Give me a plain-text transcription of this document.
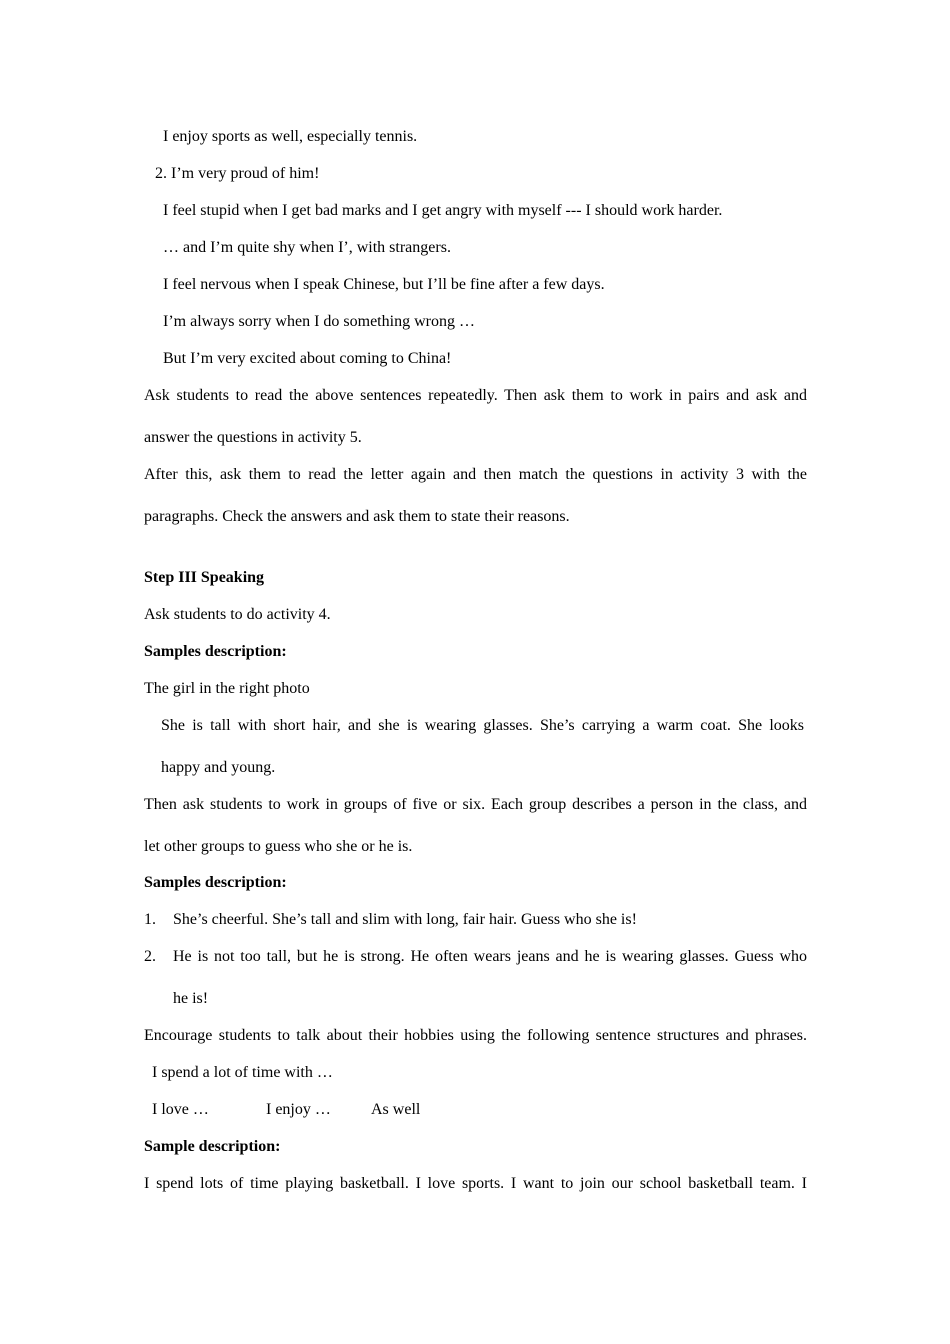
I enjoy sports as well, especially tennis.
2. I’m very proud of him!
I feel stupid when I get bad marks and I get angry with myself --- I should work harder.
… and I’m quite shy when I’, with strangers.
I feel nervous when I speak Chinese, but I’ll be fine after a few days.
I’m always sorry when I do something wrong …
But I’m very excited about coming to China!
Ask students to read the above sentences repeatedly. Then ask them to work in pairs and ask and
answer the questions in activity 5.
After this, ask them to read the letter again and then match the questions in activity 3 with the
paragraphs. Check the answers and ask them to state their reasons.
Step III Speaking
Ask students to do activity 4.
Samples description:
The girl in the right photo
She is tall with short hair, and she is wearing glasses. She’s carrying a warm coat. She looks
happy and young.
Then ask students to work in groups of five or six. Each group describes a person in the class, and
let other groups to guess who she or he is.
Samples description:
1. She’s cheerful. She’s tall and slim with long, fair hair. Guess who she is!
2. He is not too tall, but he is strong. He often wears jeans and he is wearing glasses. Guess who
he is!
Encourage students to talk about their hobbies using the following sentence structures and phrases.
I spend a lot of time with …
I love …	I enjoy …	As well
Sample description:
I spend lots of time playing basketball. I love sports. I want to join our school basketball team. I
